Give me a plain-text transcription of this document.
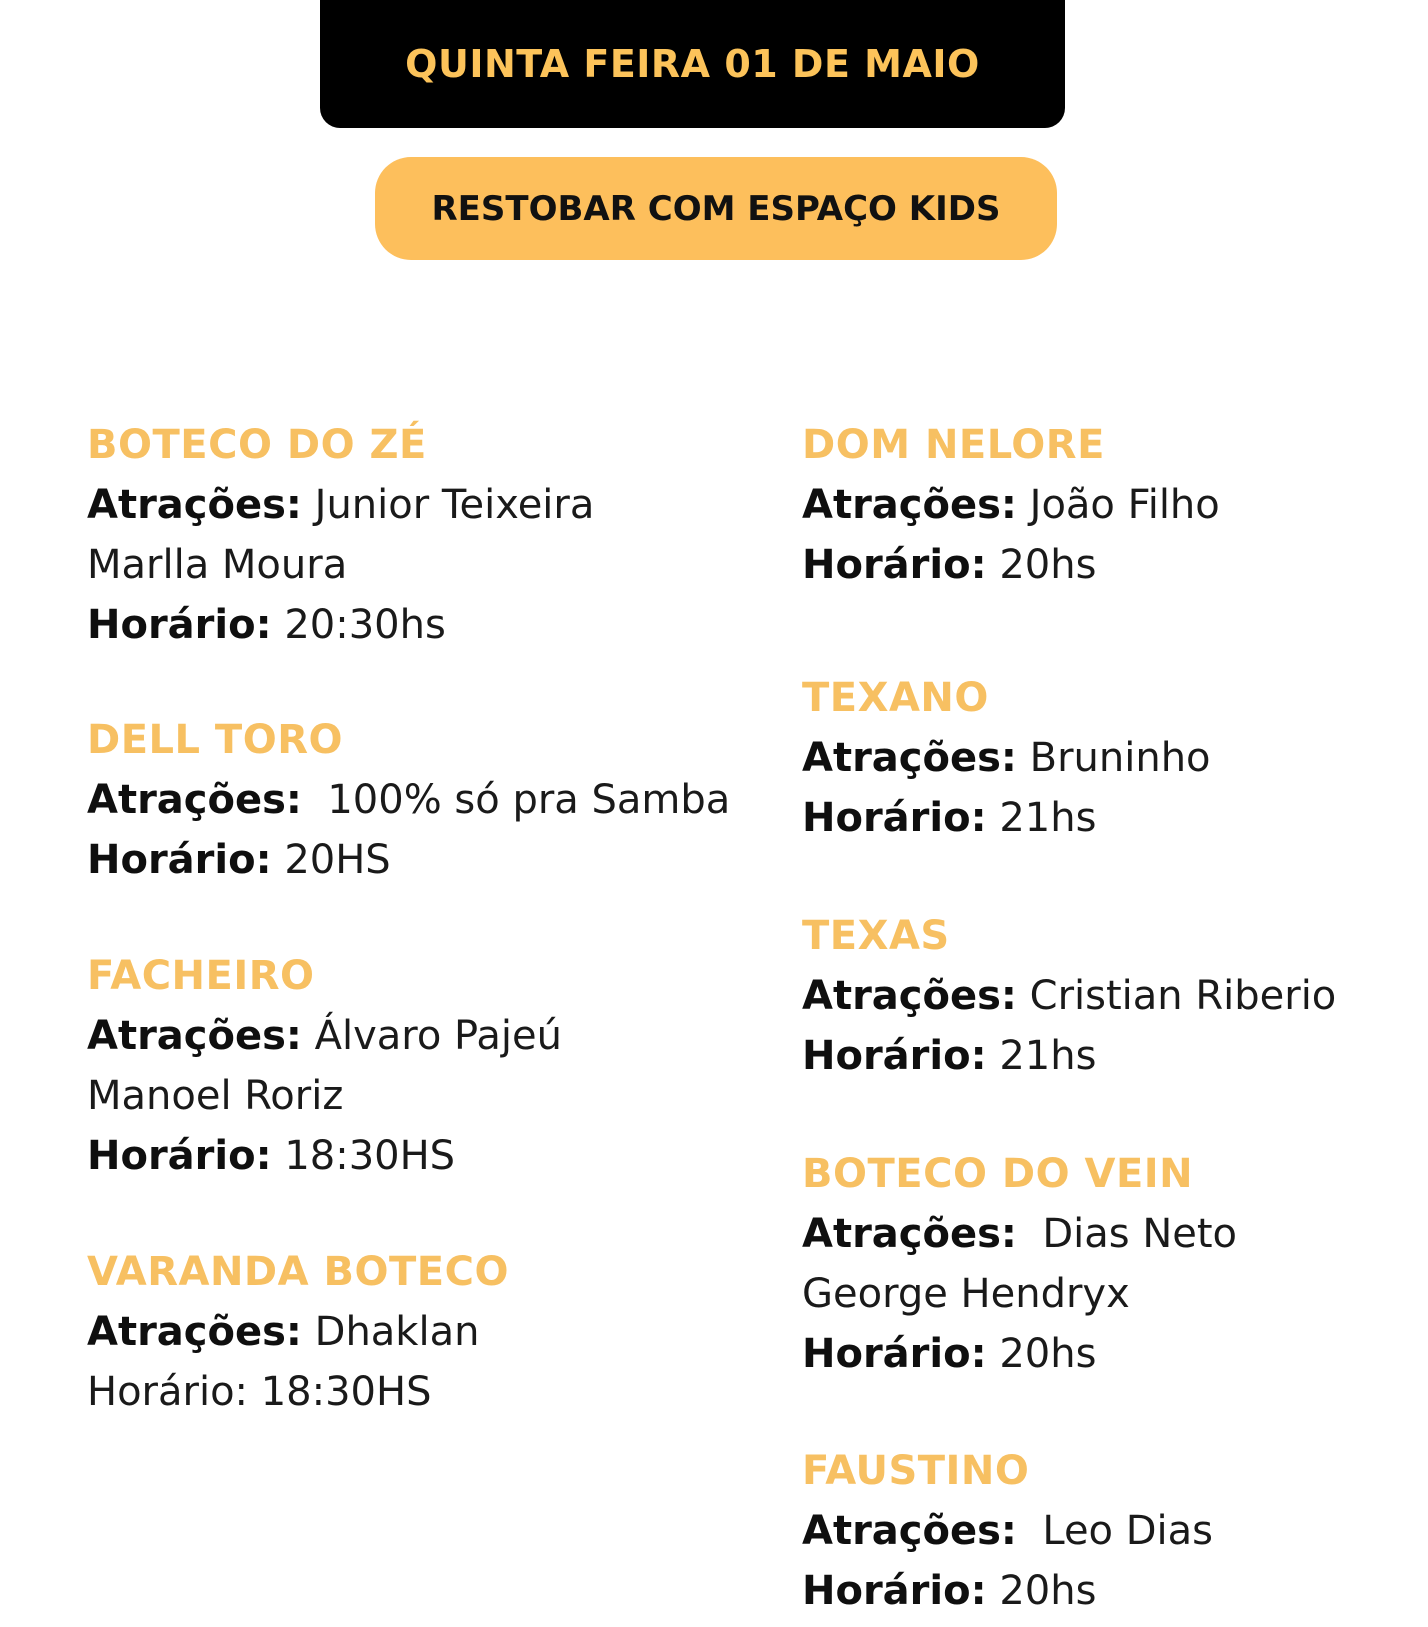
QUINTA FEIRA 01 DE MAIO
RESTOBAR COM ESPAÇO KIDS
BOTECO DO ZÉ
Atrações: Junior Teixeira
Marlla Moura
Horário: 20:30hs
DELL TORO
Atrações: 100% só pra Samba
Horário: 20HS
FACHEIRO
Atrações: Álvaro Pajeú
Manoel Roriz
Horário: 18:30HS
VARANDA BOTECO
Atrações: Dhaklan
Horário: 18:30HS
DOM NELORE
Atrações: João Filho
Horário: 20hs
TEXANO
Atrações: Bruninho
Horário: 21hs
TEXAS
Atrações: Cristian Riberio
Horário: 21hs
BOTECO DO VEIN
Atrações: Dias Neto
George Hendryx
Horário: 20hs
FAUSTINO
Atrações: Leo Dias
Horário: 20hs
